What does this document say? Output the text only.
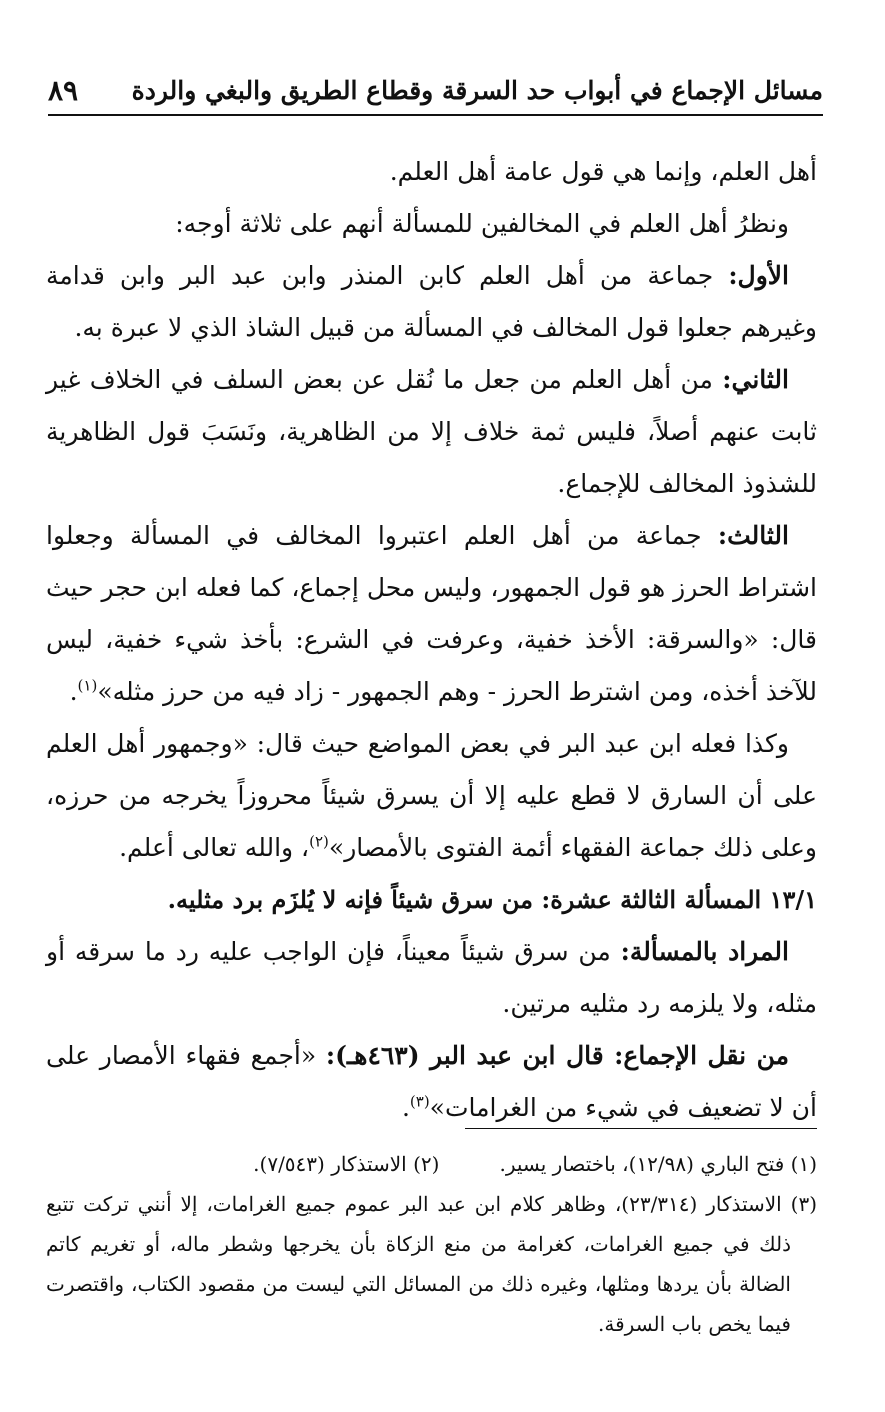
مسائل الإجماع في أبواب حد السرقة وقطاع الطريق والبغي والردة
٨٩

أهل العلم، وإنما هي قول عامة أهل العلم.

ونظرُ أهل العلم في المخالفين للمسألة أنهم على ثلاثة أوجه:

الأول: جماعة من أهل العلم كابن المنذر وابن عبد البر وابن قدامة وغيرهم جعلوا قول المخالف في المسألة من قبيل الشاذ الذي لا عبرة به.

الثاني: من أهل العلم من جعل ما نُقل عن بعض السلف في الخلاف غير ثابت عنهم أصلاً، فليس ثمة خلاف إلا من الظاهرية، ونَسَبَ قول الظاهرية للشذوذ المخالف للإجماع.

الثالث: جماعة من أهل العلم اعتبروا المخالف في المسألة وجعلوا اشتراط الحرز هو قول الجمهور، وليس محل إجماع، كما فعله ابن حجر حيث قال: «والسرقة: الأخذ خفية، وعرفت في الشرع: بأخذ شيء خفية، ليس للآخذ أخذه، ومن اشترط الحرز - وهم الجمهور - زاد فيه من حرز مثله»$^{(١)}$.

وكذا فعله ابن عبد البر في بعض المواضع حيث قال: «وجمهور أهل العلم على أن السارق لا قطع عليه إلا أن يسرق شيئاً محروزاً يخرجه من حرزه، وعلى ذلك جماعة الفقهاء أئمة الفتوى بالأمصار»$^{(٢)}$، والله تعالى أعلم.

١٣/١ المسألة الثالثة عشرة: من سرق شيئاً فإنه لا يُلزَم برد مثليه.

المراد بالمسألة: من سرق شيئاً معيناً، فإن الواجب عليه رد ما سرقه أو مثله، ولا يلزمه رد مثليه مرتين.

من نقل الإجماع: قال ابن عبد البر (٤٦٣هـ): «أجمع فقهاء الأمصار على أن لا تضعيف في شيء من الغرامات»$^{(٣)}$.

(١) فتح الباري (١٢/٩٨)، باختصار يسير.
(٢) الاستذكار (٧/٥٤٣).

(٣) الاستذكار (٢٣/٣١٤)، وظاهر كلام ابن عبد البر عموم جميع الغرامات، إلا أنني تركت تتبع ذلك في جميع الغرامات، كغرامة من منع الزكاة بأن يخرجها وشطر ماله، أو تغريم كاتم الضالة بأن يردها ومثلها، وغيره ذلك من المسائل التي ليست من مقصود الكتاب، واقتصرت فيما يخص باب السرقة.
